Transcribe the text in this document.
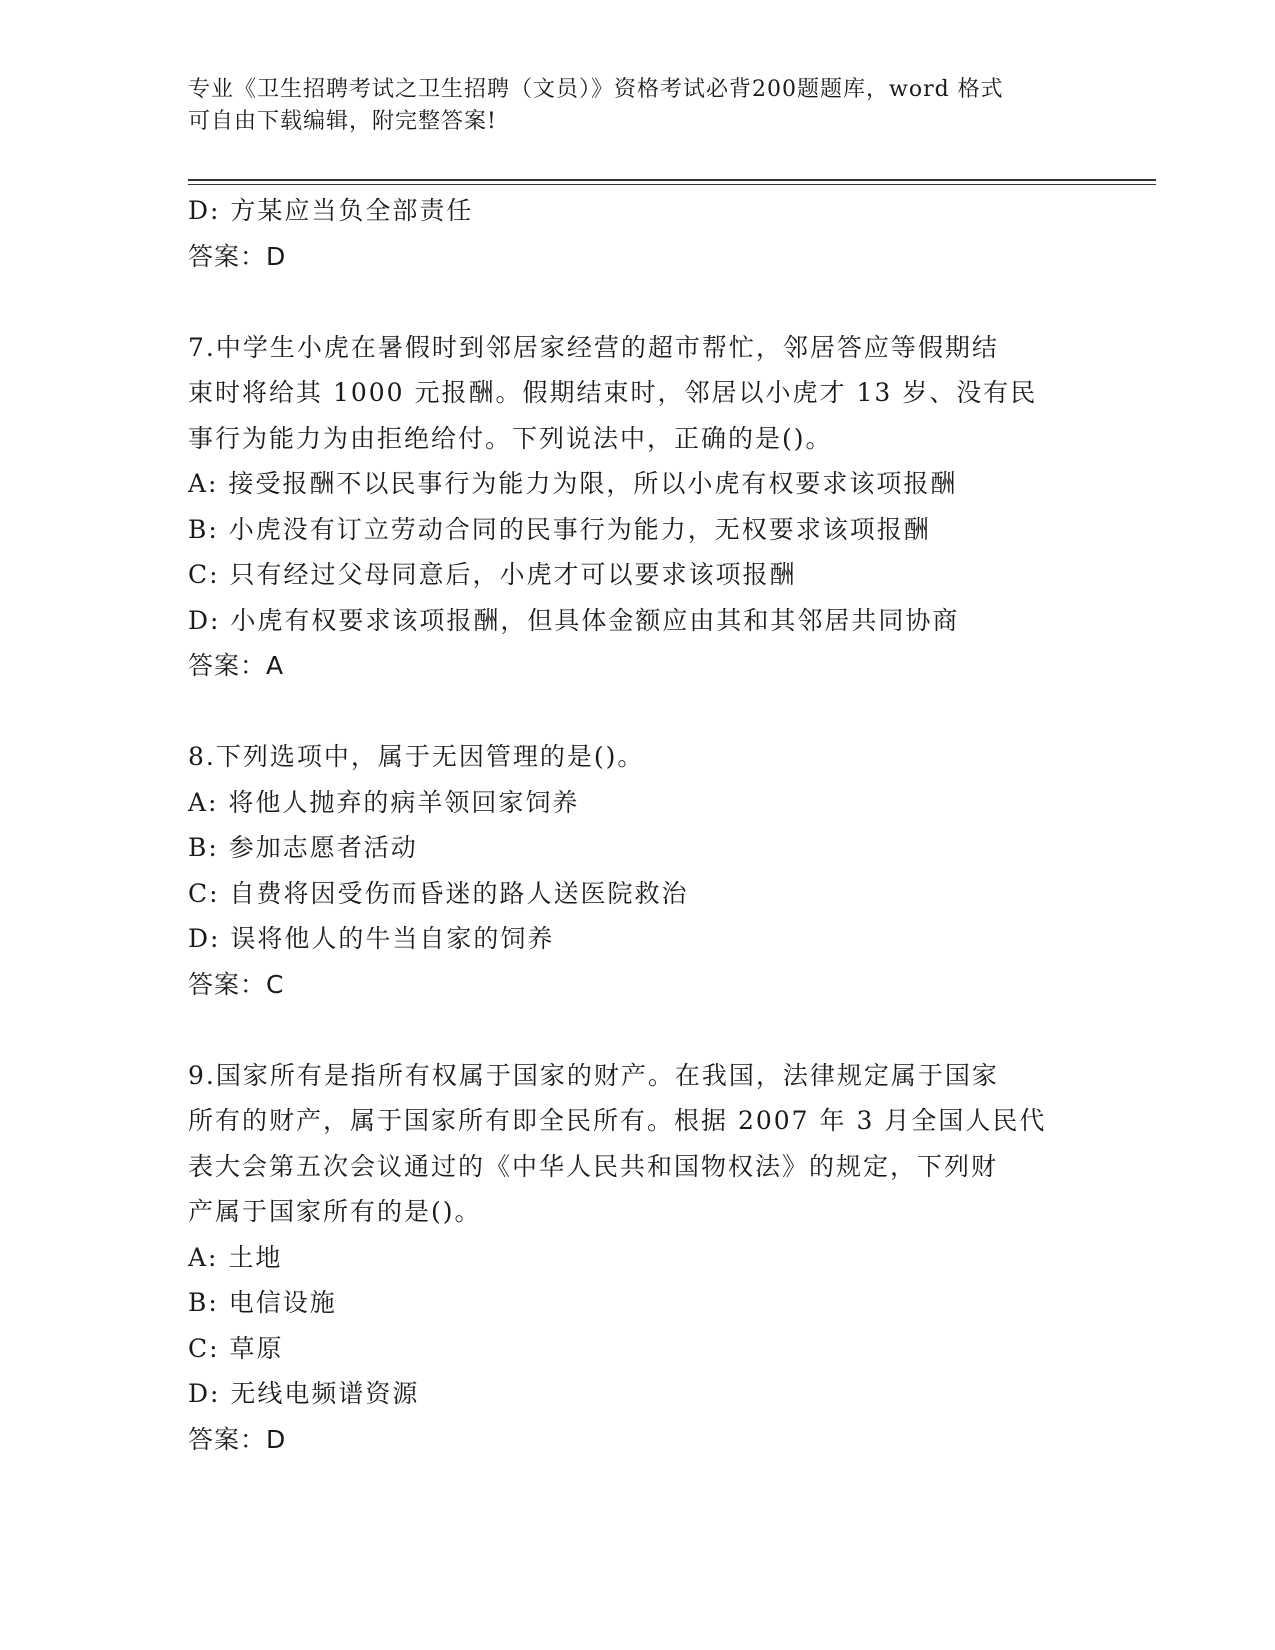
专业《卫生招聘考试之卫生招聘（文员）》资格考试必背200题题库，word 格式
可自由下载编辑，附完整答案!
D: 方某应当负全部责任
答案：D
7.中学生小虎在暑假时到邻居家经营的超市帮忙，邻居答应等假期结
束时将给其 1000 元报酬。假期结束时，邻居以小虎才 13 岁、没有民
事行为能力为由拒绝给付。下列说法中，正确的是()。
A: 接受报酬不以民事行为能力为限，所以小虎有权要求该项报酬
B: 小虎没有订立劳动合同的民事行为能力，无权要求该项报酬
C: 只有经过父母同意后，小虎才可以要求该项报酬
D: 小虎有权要求该项报酬，但具体金额应由其和其邻居共同协商
答案：A
8.下列选项中，属于无因管理的是()。
A: 将他人抛弃的病羊领回家饲养
B: 参加志愿者活动
C: 自费将因受伤而昏迷的路人送医院救治
D: 误将他人的牛当自家的饲养
答案：C
9.国家所有是指所有权属于国家的财产。在我国，法律规定属于国家
所有的财产，属于国家所有即全民所有。根据 2007 年 3 月全国人民代
表大会第五次会议通过的《中华人民共和国物权法》的规定，下列财
产属于国家所有的是()。
A: 土地
B: 电信设施
C: 草原
D: 无线电频谱资源
答案：D
